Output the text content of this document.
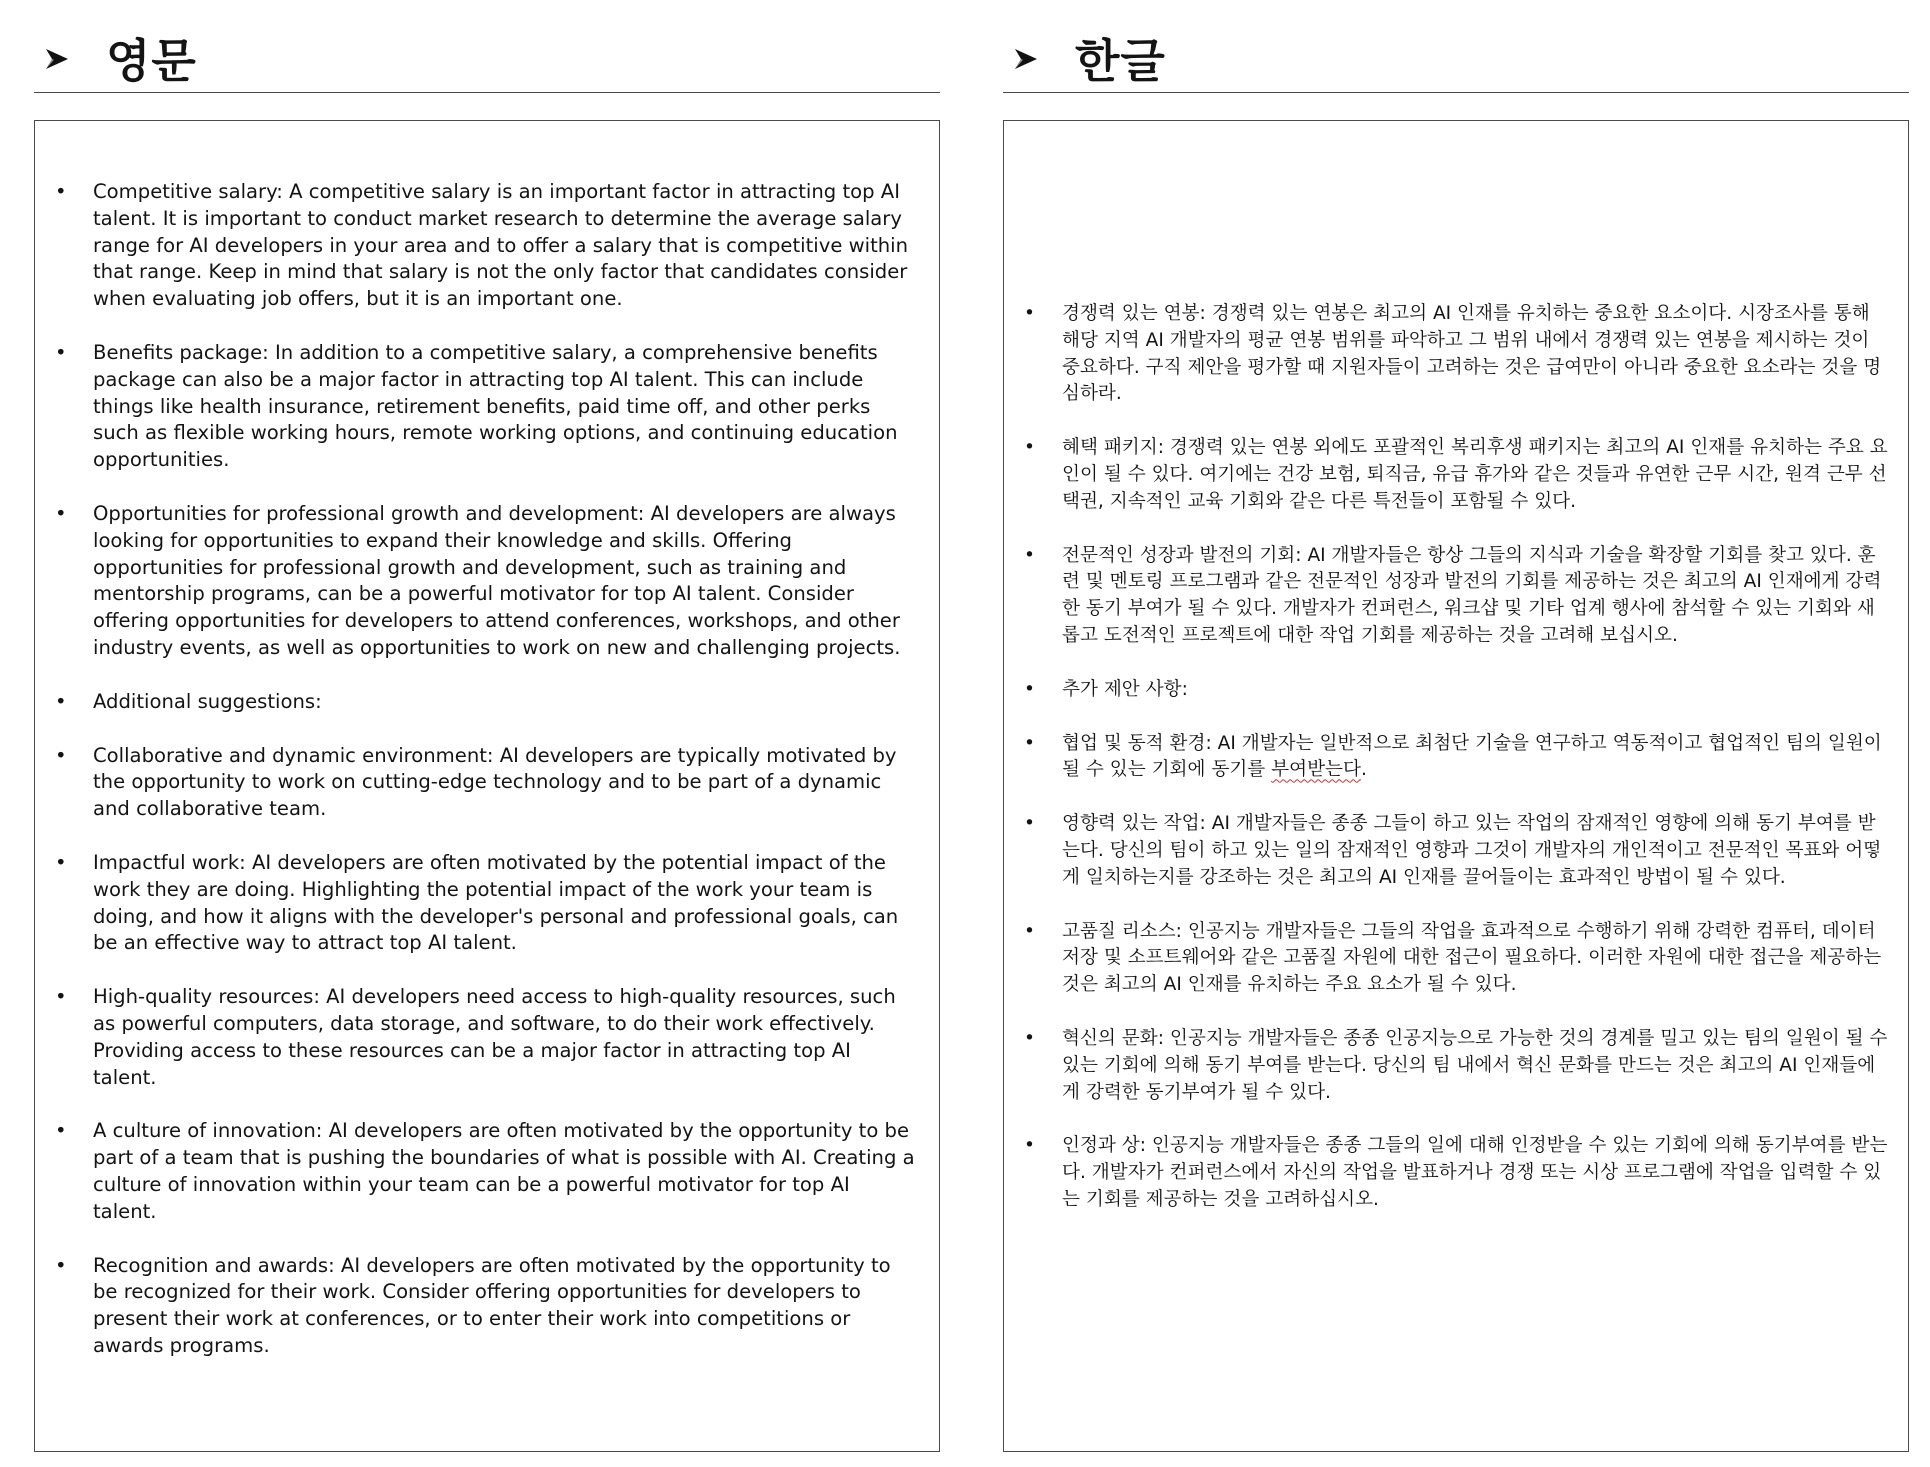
영문	한글
•	Competitive salary: A competitive salary is an important factor in attracting top AI talent. It is important to conduct market research to determine the average salary range for AI developers in your area and to offer a salary that is competitive within that range. Keep in mind that salary is not the only factor that candidates consider when evaluating job offers, but it is an important one.
•	Benefits package: In addition to a competitive salary, a comprehensive benefits package can also be a major factor in attracting top AI talent. This can include things like health insurance, retirement benefits, paid time off, and other perks such as flexible working hours, remote working options, and continuing education opportunities.
•	Opportunities for professional growth and development: AI developers are always looking for opportunities to expand their knowledge and skills. Offering opportunities for professional growth and development, such as training and mentorship programs, can be a powerful motivator for top AI talent. Consider offering opportunities for developers to attend conferences, workshops, and other industry events, as well as opportunities to work on new and challenging projects.
•	Additional suggestions:
•	Collaborative and dynamic environment: AI developers are typically motivated by the opportunity to work on cutting-edge technology and to be part of a dynamic and collaborative team.
•	Impactful work: AI developers are often motivated by the potential impact of the work they are doing. Highlighting the potential impact of the work your team is doing, and how it aligns with the developer's personal and professional goals, can be an effective way to attract top AI talent.
•	High-quality resources: AI developers need access to high-quality resources, such as powerful computers, data storage, and software, to do their work effectively. Providing access to these resources can be a major factor in attracting top AI talent.
•	A culture of innovation: AI developers are often motivated by the opportunity to be part of a team that is pushing the boundaries of what is possible with AI. Creating a culture of innovation within your team can be a powerful motivator for top AI talent.
•	Recognition and awards: AI developers are often motivated by the opportunity to be recognized for their work. Consider offering opportunities for developers to present their work at conferences, or to enter their work into competitions or awards programs.
•	경쟁력 있는 연봉: 경쟁력 있는 연봉은 최고의 AI 인재를 유치하는 중요한 요소이다. 시장조사를 통해 해당 지역 AI 개발자의 평균 연봉 범위를 파악하고 그 범위 내에서 경쟁력 있는 연봉을 제시하는 것이 중요하다. 구직 제안을 평가할 때 지원자들이 고려하는 것은 급여만이 아니라 중요한 요소라는 것을 명심하라.
•	혜택 패키지: 경쟁력 있는 연봉 외에도 포괄적인 복리후생 패키지는 최고의 AI 인재를 유치하는 주요 요인이 될 수 있다. 여기에는 건강 보험, 퇴직금, 유급 휴가와 같은 것들과 유연한 근무 시간, 원격 근무 선택권, 지속적인 교육 기회와 같은 다른 특전들이 포함될 수 있다.
•	전문적인 성장과 발전의 기회: AI 개발자들은 항상 그들의 지식과 기술을 확장할 기회를 찾고 있다. 훈련 및 멘토링 프로그램과 같은 전문적인 성장과 발전의 기회를 제공하는 것은 최고의 AI 인재에게 강력한 동기 부여가 될 수 있다. 개발자가 컨퍼런스, 워크샵 및 기타 업계 행사에 참석할 수 있는 기회와 새롭고 도전적인 프로젝트에 대한 작업 기회를 제공하는 것을 고려해 보십시오.
•	추가 제안 사항:
•	협업 및 동적 환경: AI 개발자는 일반적으로 최첨단 기술을 연구하고 역동적이고 협업적인 팀의 일원이 될 수 있는 기회에 동기를 부여받는다.
•	영향력 있는 작업: AI 개발자들은 종종 그들이 하고 있는 작업의 잠재적인 영향에 의해 동기 부여를 받는다. 당신의 팀이 하고 있는 일의 잠재적인 영향과 그것이 개발자의 개인적이고 전문적인 목표와 어떻게 일치하는지를 강조하는 것은 최고의 AI 인재를 끌어들이는 효과적인 방법이 될 수 있다.
•	고품질 리소스: 인공지능 개발자들은 그들의 작업을 효과적으로 수행하기 위해 강력한 컴퓨터, 데이터 저장 및 소프트웨어와 같은 고품질 자원에 대한 접근이 필요하다. 이러한 자원에 대한 접근을 제공하는 것은 최고의 AI 인재를 유치하는 주요 요소가 될 수 있다.
•	혁신의 문화: 인공지능 개발자들은 종종 인공지능으로 가능한 것의 경계를 밀고 있는 팀의 일원이 될 수 있는 기회에 의해 동기 부여를 받는다. 당신의 팀 내에서 혁신 문화를 만드는 것은 최고의 AI 인재들에게 강력한 동기부여가 될 수 있다.
•	인정과 상: 인공지능 개발자들은 종종 그들의 일에 대해 인정받을 수 있는 기회에 의해 동기부여를 받는다. 개발자가 컨퍼런스에서 자신의 작업을 발표하거나 경쟁 또는 시상 프로그램에 작업을 입력할 수 있는 기회를 제공하는 것을 고려하십시오.
